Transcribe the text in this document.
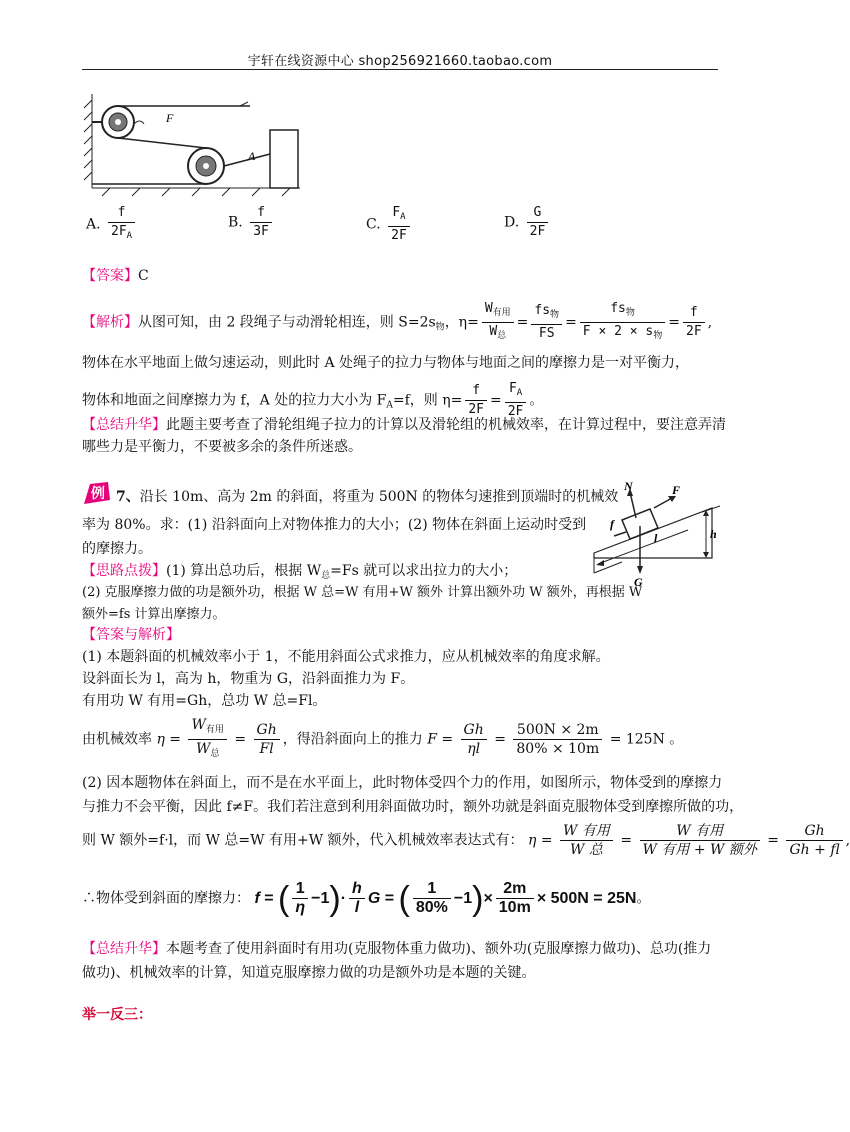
宇轩在线资源中心 shop256921660.taobao.com
F
A
A. $\frac{f}{2F_A}$	B. $\frac{f}{3F}$	C. $\frac{F_A}{2F}$	D. $\frac{G}{2F}$
【答案】C
【解析】从图可知，由 2 段绳子与动滑轮相连，则 $S=2s_物$，$\eta= \frac{W_{有用}}{W_总} = \frac{fs_物}{FS} = \frac{fs_物}{F \times 2 \times s_物} = \frac{f}{2F}$ ,
物体在水平地面上做匀速运动，则此时 A 处绳子的拉力与物体与地面之间的摩擦力是一对平衡力，
物体和地面之间摩擦力为 f，A 处的拉力大小为 $F_A=f$，则 $\eta= \frac{f}{2F} = \frac{F_A}{2F}$ 。
【总结升华】此题主要考查了滑轮组绳子拉力的计算以及滑轮组的机械效率，在计算过程中，要注意弄清
哪些力是平衡力，不要被多余的条件所迷惑。
例 7、沿长 10m、高为 2m 的斜面，将重为 500N 的物体匀速推到顶端时的机械效
率为 80%。求：(1) 沿斜面向上对物体推力的大小；(2) 物体在斜面上运动时受到
的摩擦力。
N	F
f
l	h
G
【思路点拨】(1) 算出总功后，根据 $W_总=Fs$ 就可以求出拉力的大小；
(2) 克服摩擦力做的功是额外功，根据 W 总=W 有用+W 额外 计算出额外功 W 额外，再根据 W
额外=fs 计算出摩擦力。
【答案与解析】
(1) 本题斜面的机械效率小于 1，不能用斜面公式求推力，应从机械效率的角度求解。
设斜面长为 l，高为 h，物重为 G，沿斜面推力为 F。
有用功 W 有用=Gh，总功 W 总=Fl。
由机械效率 $\eta = \frac{W_{有用}}{W_总} = \frac{Gh}{Fl}$ ，得沿斜面向上的推力 $F = \frac{Gh}{\eta l} = \frac{500N \times 2m}{80\% \times 10m} = 125N$ 。
(2) 因本题物体在斜面上，而不是在水平面上，此时物体受四个力的作用，如图所示，物体受到的摩擦力
与推力不会平衡，因此 f≠F。我们若注意到利用斜面做功时，额外功就是斜面克服物体受到摩擦所做的功，
则 W 额外=f·l，而 W 总=W 有用+W 额外，代入机械效率表达式有： $\eta = \frac{\text{W 有用}}{\text{W 总}} = \frac{\text{W 有用}}{\text{W 有用 + W 额外}} = \frac{Gh}{Gh + fl}$ ,
∴物体受到斜面的摩擦力： f = ( $\frac{1}{\eta} -1)\cdot \frac{h}{l}$ G = ( $\frac{1}{80\%} -1)\times \frac{2m}{10m} \times 500N = 25N$。
【总结升华】本题考查了使用斜面时有用功(克服物体重力做功)、额外功(克服摩擦力做功)、总功(推力
做功)、机械效率的计算，知道克服摩擦力做的功是额外功是本题的关键。
举一反三：
